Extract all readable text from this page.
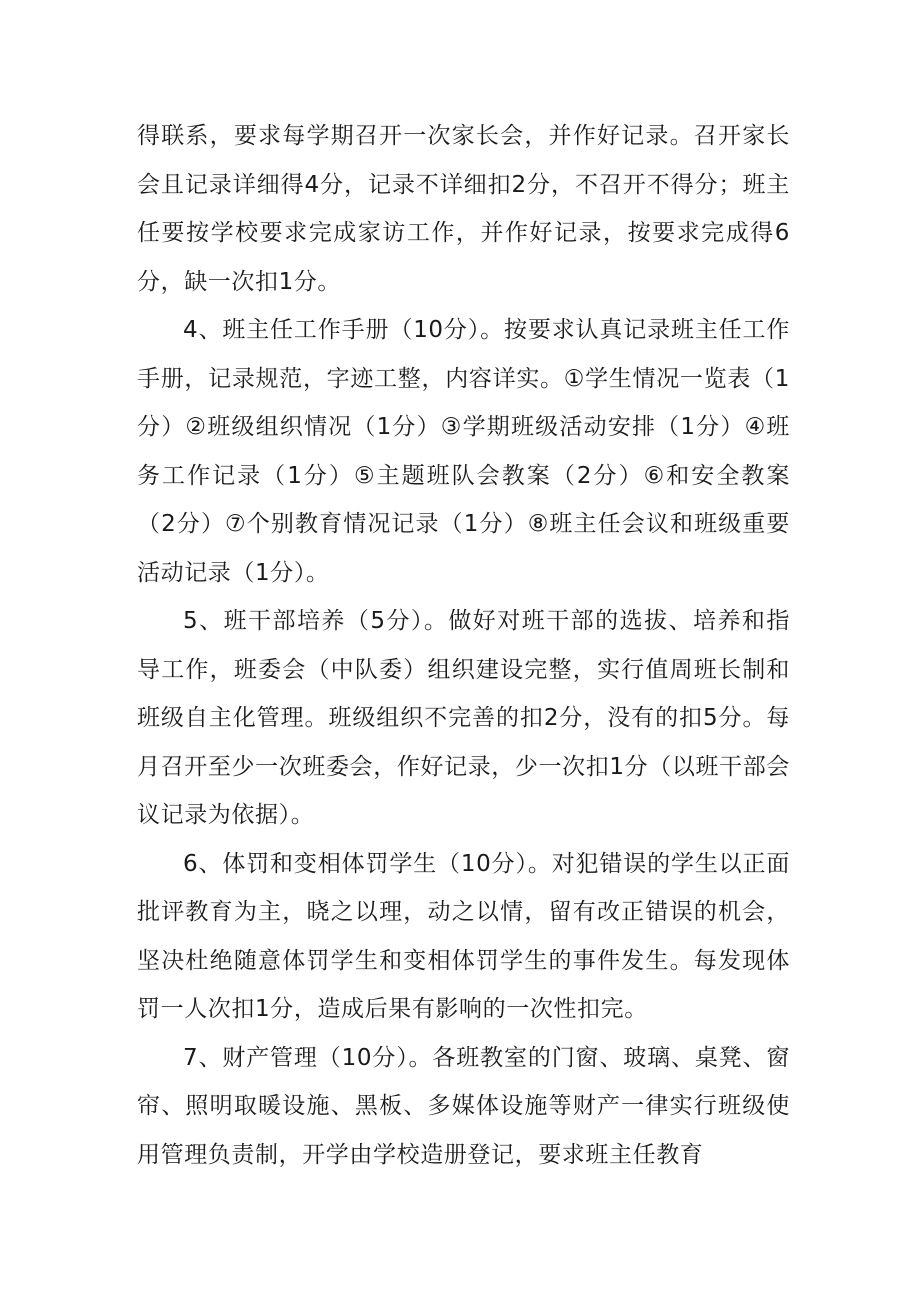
得联系，要求每学期召开一次家长会，并作好记录。召开家长会且记录详细得4分，记录不详细扣2分，不召开不得分；班主任要按学校要求完成家访工作，并作好记录，按要求完成得6分，缺一次扣1分。

4、班主任工作手册（10分）。按要求认真记录班主任工作手册，记录规范，字迹工整，内容详实。①学生情况一览表（1分）②班级组织情况（1分）③学期班级活动安排（1分）④班务工作记录（1分）⑤主题班队会教案（2分）⑥和安全教案（2分）⑦个别教育情况记录（1分）⑧班主任会议和班级重要活动记录（1分）。

5、班干部培养（5分）。做好对班干部的选拔、培养和指导工作，班委会（中队委）组织建设完整，实行值周班长制和班级自主化管理。班级组织不完善的扣2分，没有的扣5分。每月召开至少一次班委会，作好记录，少一次扣1分（以班干部会议记录为依据）。

6、体罚和变相体罚学生（10分）。对犯错误的学生以正面批评教育为主，晓之以理，动之以情，留有改正错误的机会，坚决杜绝随意体罚学生和变相体罚学生的事件发生。每发现体罚一人次扣1分，造成后果有影响的一次性扣完。

7、财产管理（10分）。各班教室的门窗、玻璃、桌凳、窗帘、照明取暖设施、黑板、多媒体设施等财产一律实行班级使用管理负责制，开学由学校造册登记，要求班主任教育
